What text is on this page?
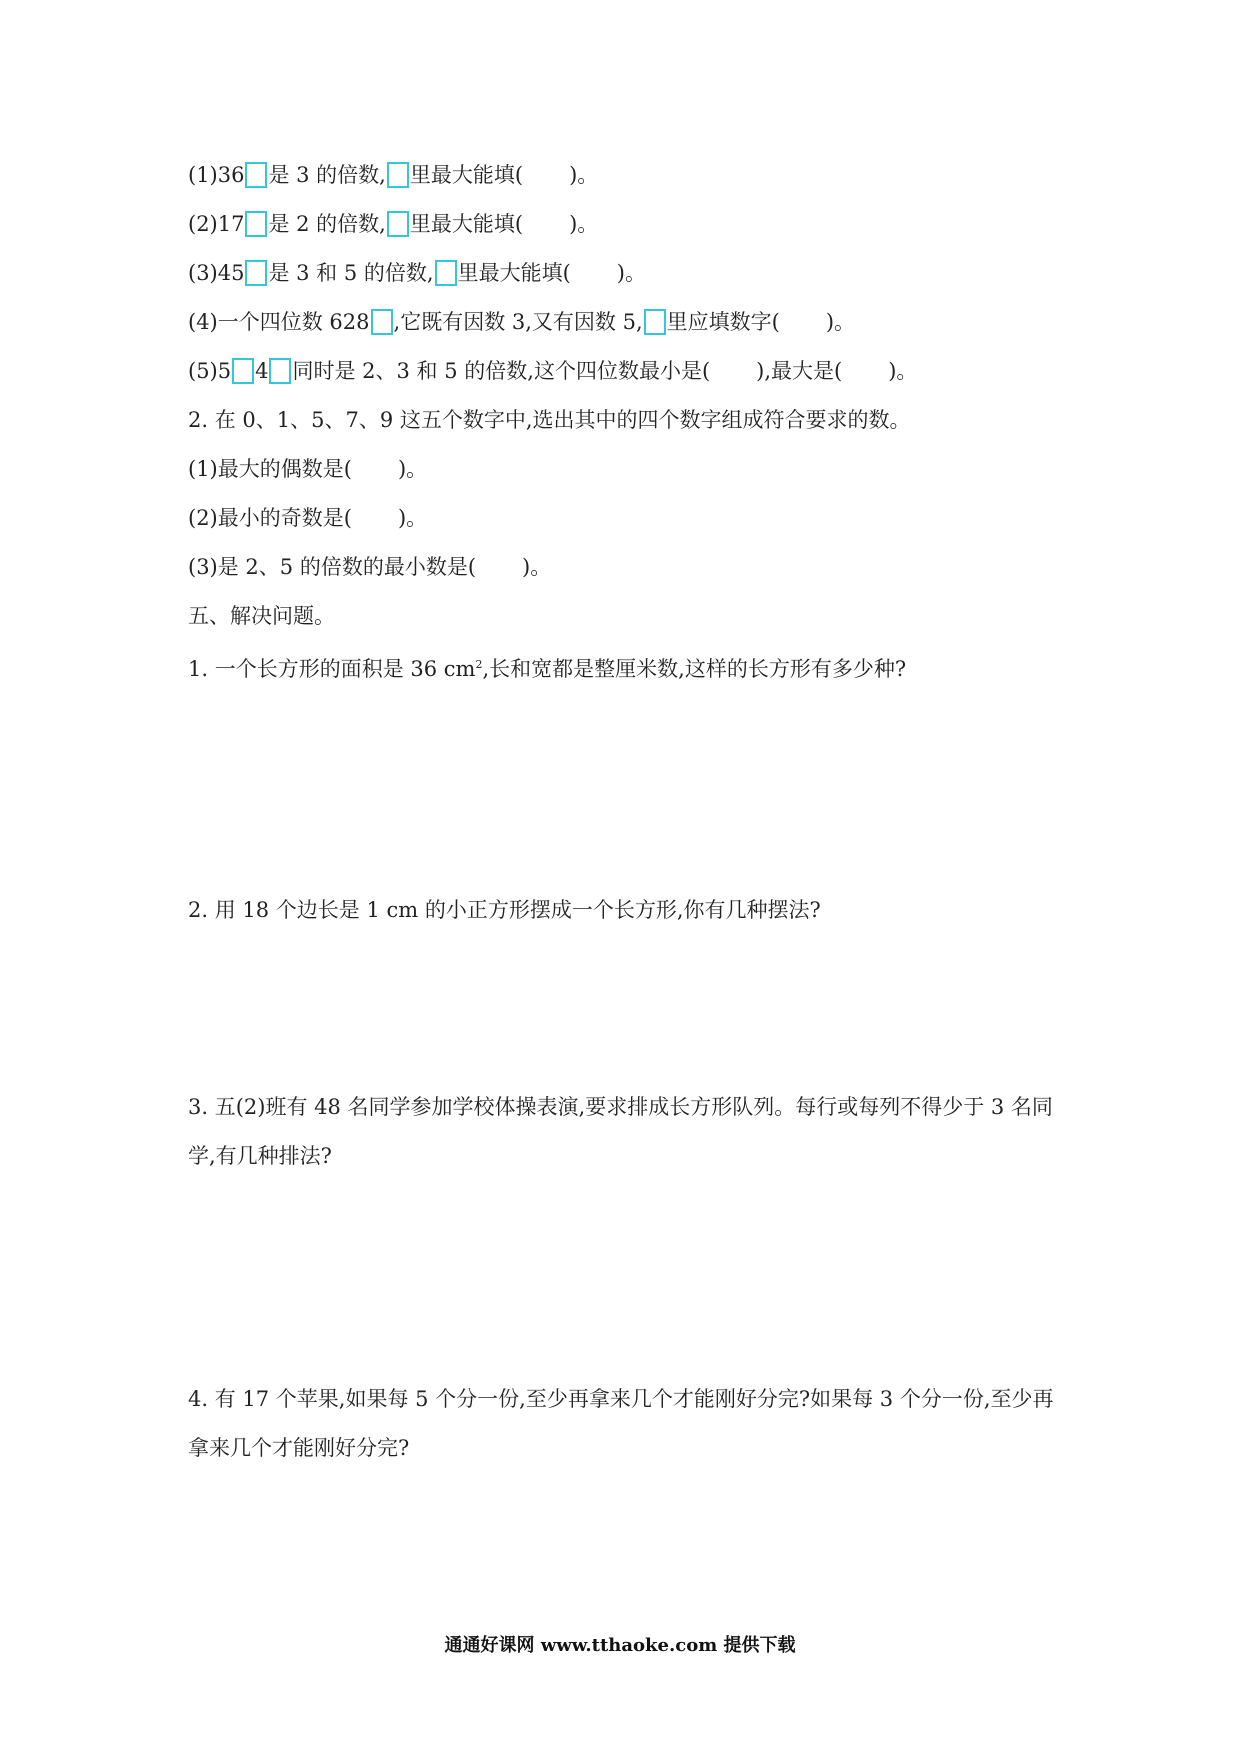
(1)36 是 3 的倍数, 里最大能填( )。
(2)17 是 2 的倍数, 里最大能填( )。
(3)45 是 3 和 5 的倍数, 里最大能填( )。
(4)一个四位数 628 ,它既有因数 3,又有因数 5, 里应填数字( )。
(5)5 4 同时是 2、3 和 5 的倍数,这个四位数最小是( ),最大是( )。
2. 在 0、1、5、7、9 这五个数字中,选出其中的四个数字组成符合要求的数。
(1)最大的偶数是( )。
(2)最小的奇数是( )。
(3)是 2、5 的倍数的最小数是( )。
五、解决问题。
1. 一个长方形的面积是 36 $cm^2$,长和宽都是整厘米数,这样的长方形有多少种?
2. 用 18 个边长是 1 cm 的小正方形摆成一个长方形,你有几种摆法?
3. 五(2)班有 48 名同学参加学校体操表演,要求排成长方形队列。每行或每列不得少于 3 名同学,有几种排法?
4. 有 17 个苹果,如果每 5 个分一份,至少再拿来几个才能刚好分完?如果每 3 个分一份,至少再拿来几个才能刚好分完?
通通好课网 www.tthaoke.com 提供下载
